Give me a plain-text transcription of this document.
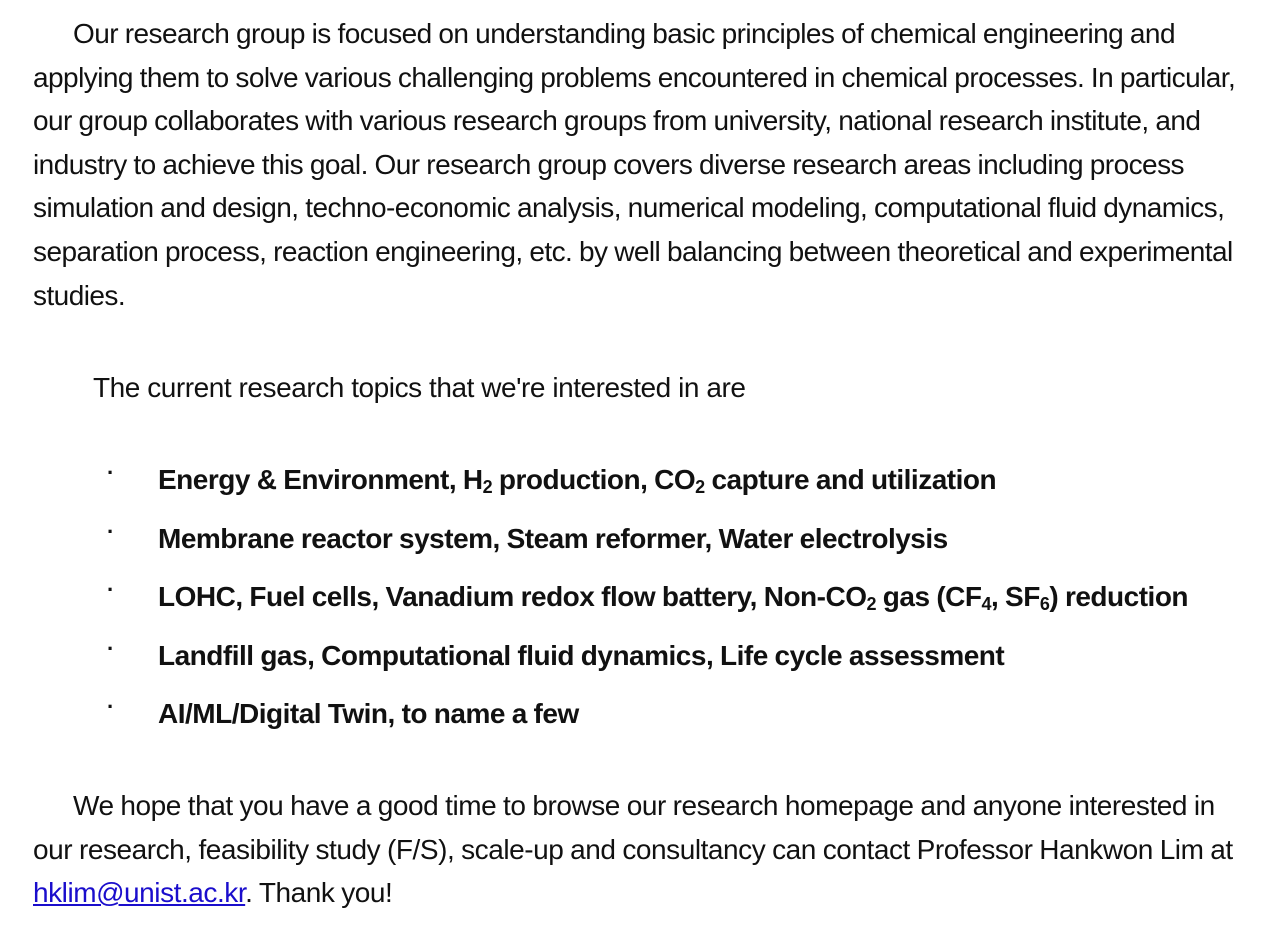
Our research group is focused on understanding basic principles of chemical engineering and applying them to solve various challenging problems encountered in chemical processes. In particular, our group collaborates with various research groups from university, national research institute, and industry to achieve this goal. Our research group covers diverse research areas including process simulation and design, techno-economic analysis, numerical modeling, computational fluid dynamics, separation process, reaction engineering, etc. by well balancing between theoretical and experimental studies.

The current research topics that we're interested in are

· Energy & Environment, $H_2$ production, $CO_2$ capture and utilization
· Membrane reactor system, Steam reformer, Water electrolysis
· LOHC, Fuel cells, Vanadium redox flow battery, Non-$CO_2$ gas ($CF_4$, $SF_6$) reduction
· Landfill gas, Computational fluid dynamics, Life cycle assessment
· AI/ML/Digital Twin, to name a few

We hope that you have a good time to browse our research homepage and anyone interested in our research, feasibility study (F/S), scale-up and consultancy can contact Professor Hankwon Lim at hklim@unist.ac.kr. Thank you!
